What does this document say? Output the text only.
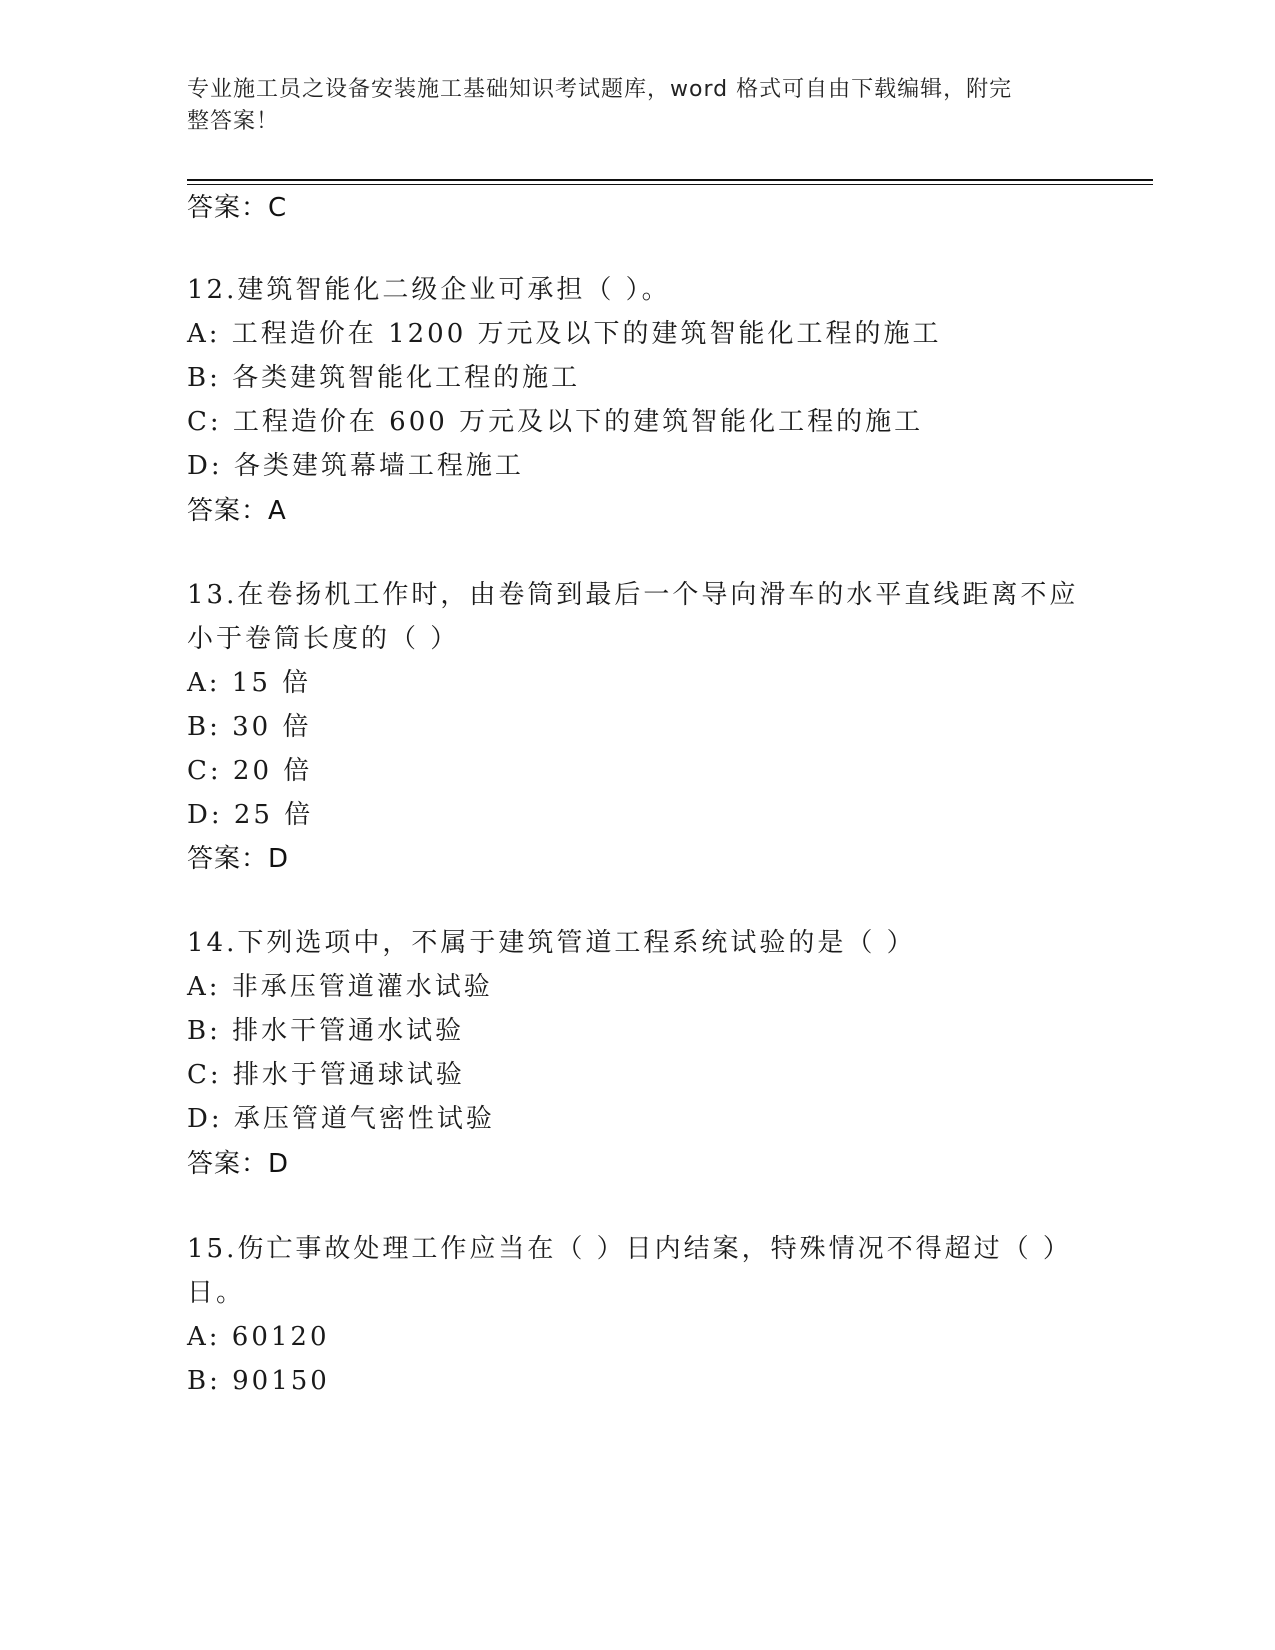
专业施工员之设备安装施工基础知识考试题库，word 格式可自由下载编辑，附完
整答案！
答案：C
12.建筑智能化二级企业可承担（ ）。
A: 工程造价在 1200 万元及以下的建筑智能化工程的施工
B: 各类建筑智能化工程的施工
C: 工程造价在 600 万元及以下的建筑智能化工程的施工
D: 各类建筑幕墙工程施工
答案：A
13.在卷扬机工作时，由卷筒到最后一个导向滑车的水平直线距离不应
小于卷筒长度的（ ）
A: 15 倍
B: 30 倍
C: 20 倍
D: 25 倍
答案：D
14.下列选项中，不属于建筑管道工程系统试验的是（ ）
A: 非承压管道灌水试验
B: 排水干管通水试验
C: 排水于管通球试验
D: 承压管道气密性试验
答案：D
15.伤亡事故处理工作应当在（ ）日内结案，特殊情况不得超过（ ）
日。
A: 60120
B: 90150
